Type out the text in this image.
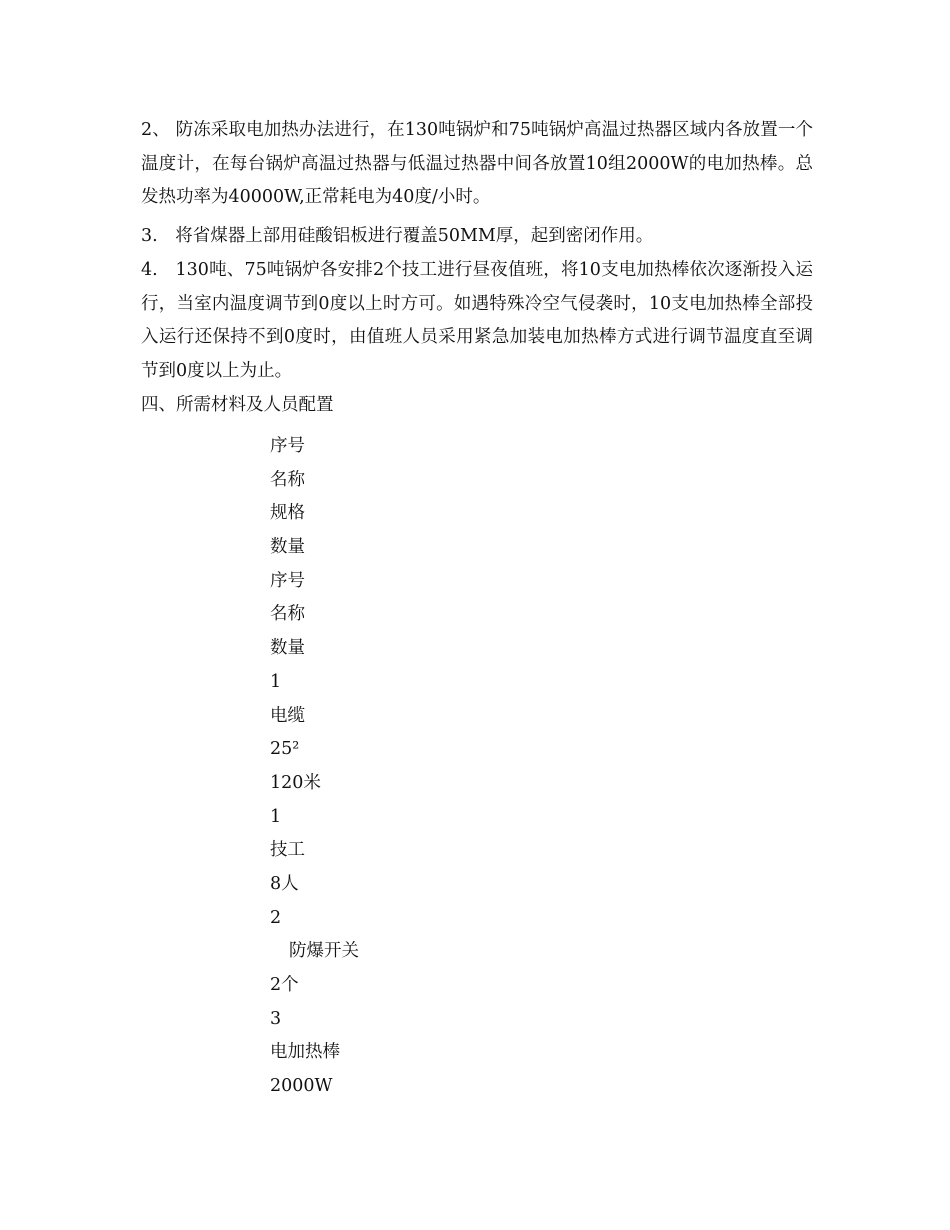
2、 防冻采取电加热办法进行，在130吨锅炉和75吨锅炉高温过热器区域内各放置一个温度计，在每台锅炉高温过热器与低温过热器中间各放置10组2000W的电加热棒。总发热功率为40000W,正常耗电为40度/小时。

3.　将省煤器上部用硅酸铝板进行覆盖50MM厚，起到密闭作用。

4.　130吨、75吨锅炉各安排2个技工进行昼夜值班，将10支电加热棒依次逐渐投入运行，当室内温度调节到0度以上时方可。如遇特殊冷空气侵袭时，10支电加热棒全部投入运行还保持不到0度时，由值班人员采用紧急加装电加热棒方式进行调节温度直至调节到0度以上为止。

四、所需材料及人员配置

序号
名称
规格
数量
序号
名称
数量
1
电缆
25²
120米
1
技工
8人
2
防爆开关
2个
3
电加热棒
2000W
